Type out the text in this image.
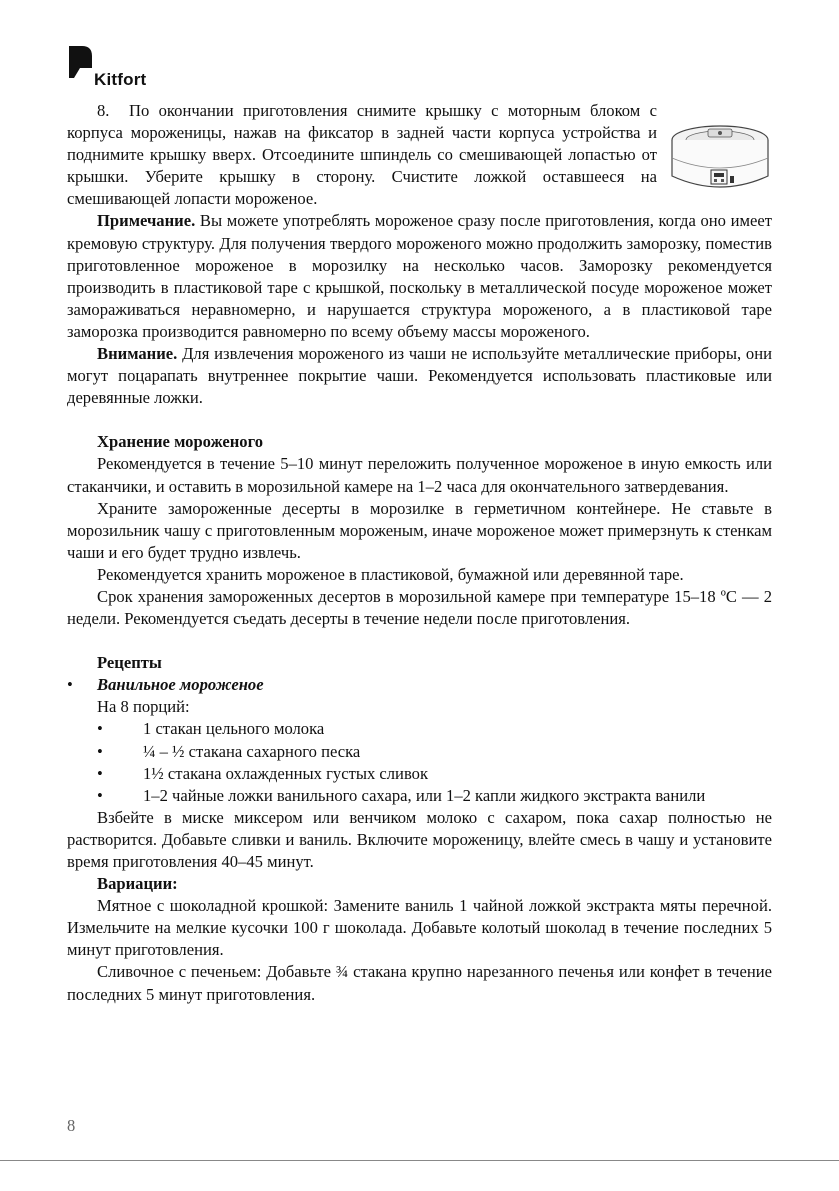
Kitfort

8. По окончании приготовления снимите крышку с моторным блоком с корпуса мороженицы, нажав на фиксатор в задней части корпуса устройства и поднимите крышку вверх. Отсоедините шпиндель со смешивающей лопастью от крышки. Уберите крышку в сторону. Счистите ложкой оставшееся на смешивающей лопасти мороженое.

Примечание. Вы можете употреблять мороженое сразу после приготовления, когда оно имеет кремовую структуру. Для получения твердого мороженого можно продолжить заморозку, поместив приготовленное мороженое в морозилку на несколько часов. Заморозку рекомендуется производить в пластиковой таре с крышкой, поскольку в металлической посуде мороженое может замораживаться неравномерно, и нарушается структура мороженого, а в пластиковой таре заморозка производится равномерно по всему объему массы мороженого.

Внимание. Для извлечения мороженого из чаши не используйте металлические приборы, они могут поцарапать внутреннее покрытие чаши. Рекомендуется использовать пластиковые или деревянные ложки.

Хранение мороженого

Рекомендуется в течение 5–10 минут переложить полученное мороженое в иную емкость или стаканчики, и оставить в морозильной камере на 1–2 часа для окончательного затвердевания.

Храните замороженные десерты в морозилке в герметичном контейнере. Не ставьте в морозильник чашу с приготовленным мороженым, иначе мороженое может примерзнуть к стенкам чаши и его будет трудно извлечь.

Рекомендуется хранить мороженое в пластиковой, бумажной или деревянной таре.

Срок хранения замороженных десертов в морозильной камере при температуре 15–18 ºC — 2 недели. Рекомендуется съедать десерты в течение недели после приготовления.

Рецепты
• Ванильное мороженое
На 8 порций:
• 1 стакан цельного молока
• ¼ – ½ стакана сахарного песка
• 1½ стакана охлажденных густых сливок

• 1–2 чайные ложки ванильного сахара, или 1–2 капли жидкого экстракта ванили

Взбейте в миске миксером или венчиком молоко с сахаром, пока сахар полностью не растворится. Добавьте сливки и ваниль. Включите мороженицу, влейте смесь в чашу и установите время приготовления 40–45 минут.

Вариации:

Мятное с шоколадной крошкой: Замените ваниль 1 чайной ложкой экстракта мяты перечной. Измельчите на мелкие кусочки 100 г шоколада. Добавьте колотый шоколад в течение последних 5 минут приготовления.

Сливочное с печеньем: Добавьте ¾ стакана крупно нарезанного печенья или конфет в течение последних 5 минут приготовления.

8
